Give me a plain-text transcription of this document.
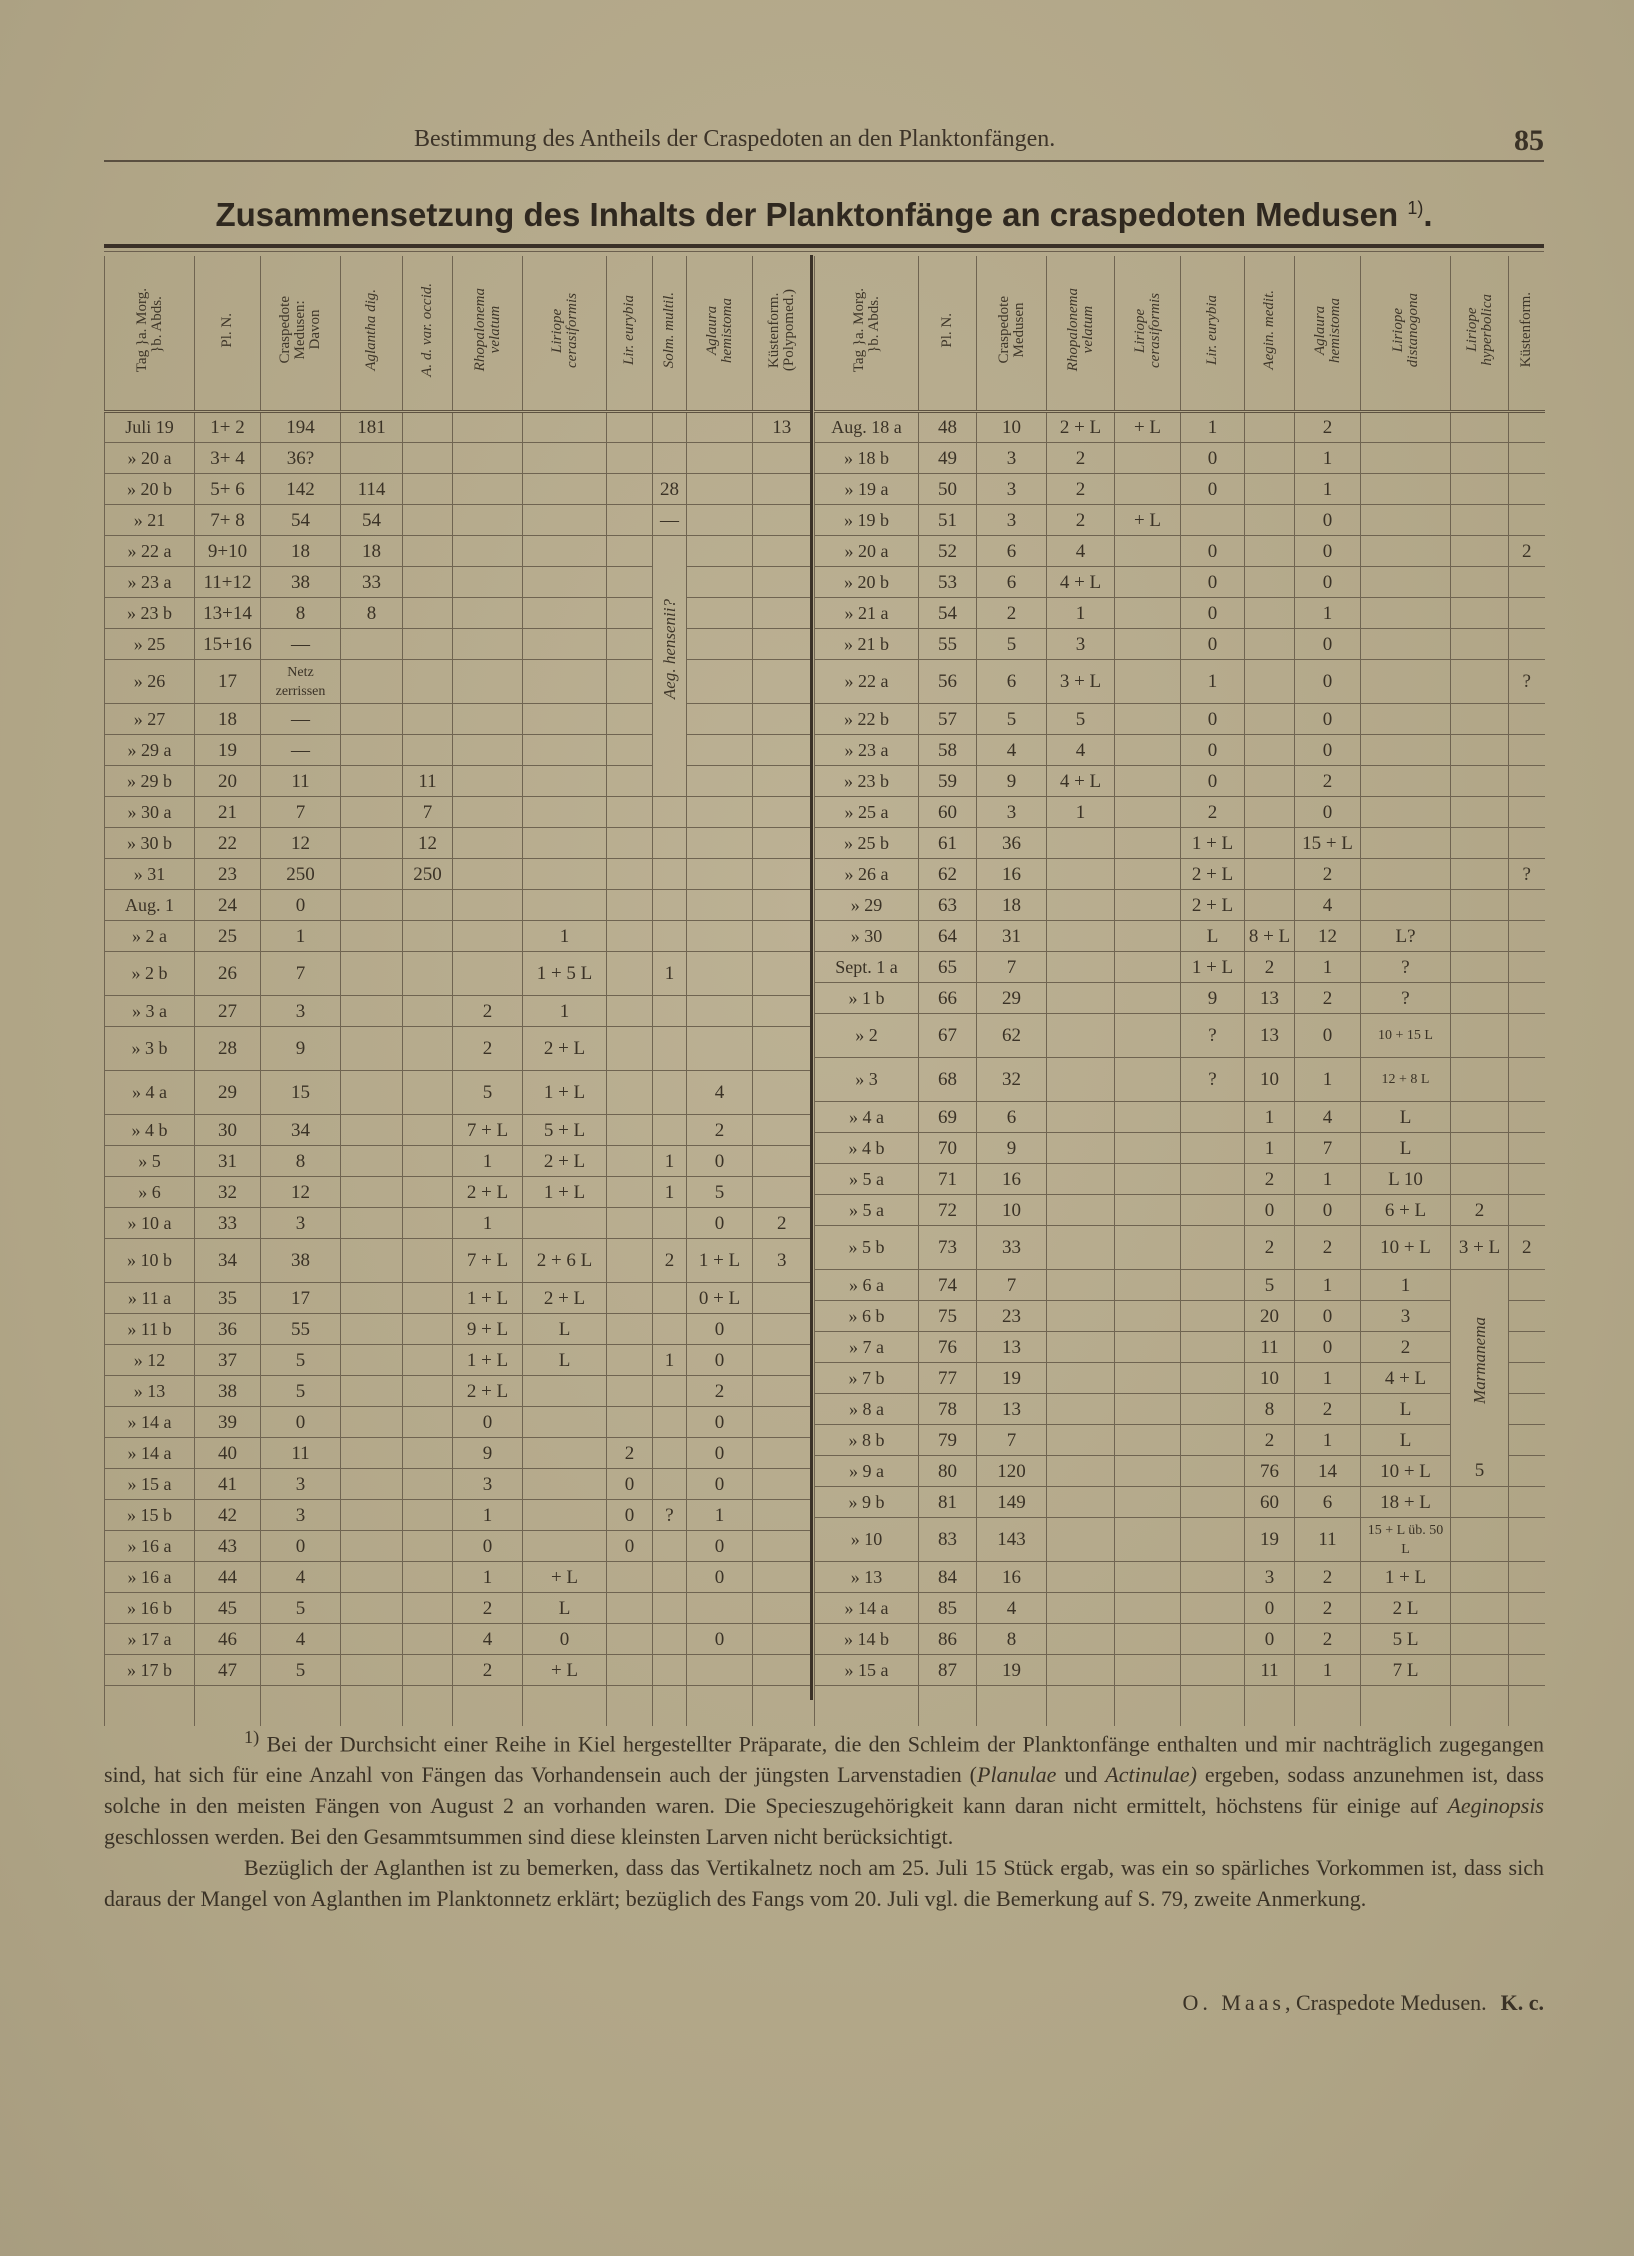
Bestimmung des Antheils der Craspedoten an den Planktonfängen.	85
Zusammensetzung des Inhalts der Planktonfänge an craspedoten Medusen $^{1)}$.
Tag }a. Morg.
}b. Abds.	Pl. N.	Craspedote
Medusen:
Davon	Aglantha dig.	A. d. var. occid.	Rhopalonema
velatum	Liriope
cerasiformis	Lir. eurybia	Solm. multil.	Aglaura
hemistoma	Küstenform.
(Polypomed.)
Juli 19	1+ 2	194	181							13
» 20 a	3+ 4	36?								
» 20 b	5+ 6	142	114					28		
» 21	7+ 8	54	54					—		
» 22 a	9+10	18	18					Aeg. hensenii?		
» 23 a	11+12	38	33							
» 23 b	13+14	8	8							
» 25	15+16	—								
» 26	17	Netz zerrissen								
» 27	18	—								
» 29 a	19	—								
» 29 b	20	11		11						
» 30 a	21	7		7						
» 30 b	22	12		12						
» 31	23	250		250						
Aug. 1	24	0								
» 2 a	25	1				1				
» 2 b	26	7				1 + 5 L		1		
» 3 a	27	3			2	1				
» 3 b	28	9			2	2 + L				
» 4 a	29	15			5	1 + L			4	
» 4 b	30	34			7 + L	5 + L			2	
» 5	31	8			1	2 + L		1	0	
» 6	32	12			2 + L	1 + L		1	5	
» 10 a	33	3			1				0	2
» 10 b	34	38			7 + L	2 + 6 L		2	1 + L	3
» 11 a	35	17			1 + L	2 + L			0 + L	
» 11 b	36	55			9 + L	L			0	
» 12	37	5			1 + L	L		1	0	
» 13	38	5			2 + L				2	
» 14 a	39	0			0				0	
» 14 a	40	11			9		2		0	
» 15 a	41	3			3		0		0	
» 15 b	42	3			1		0	?	1	
» 16 a	43	0			0		0		0	
» 16 a	44	4			1	+ L			0	
» 16 b	45	5			2	L				
» 17 a	46	4			4	0			0	
» 17 b	47	5			2	+ L				

Tag }a. Morg.
}b. Abds.	Pl. N.	Craspedote
Medusen	Rhopalonema
velatum	Liriope
cerasiformis	Lir. eurybia	Aegin. medit.	Aglaura
hemistoma	Liriope
distanogona	Liriope
hyperbolica	Küstenform.
Aug. 18 a	48	10	2 + L	+ L	1		2			
» 18 b	49	3	2		0		1			
» 19 a	50	3	2		0		1			
» 19 b	51	3	2	+ L			0			
» 20 a	52	6	4		0		0			2
» 20 b	53	6	4 + L		0		0			
» 21 a	54	2	1		0		1			
» 21 b	55	5	3		0		0			
» 22 a	56	6	3 + L		1		0			?
» 22 b	57	5	5		0		0			
» 23 a	58	4	4		0		0			
» 23 b	59	9	4 + L		0		2			
» 25 a	60	3	1		2		0			
» 25 b	61	36			1 + L		15 + L			
» 26 a	62	16			2 + L		2			?
» 29	63	18			2 + L		4			
» 30	64	31			L	8 + L	12	L?		
Sept. 1 a	65	7			1 + L	2	1	?		
» 1 b	66	29			9	13	2	?		
» 2	67	62			?	13	0	10 + 15 L		
» 3	68	32			?	10	1	12 + 8 L		
» 4 a	69	6				1	4	L		
» 4 b	70	9				1	7	L		
» 5 a	71	16				2	1	L 10		
» 5 a	72	10				0	0	6 + L	2	
» 5 b	73	33				2	2	10 + L	3 + L	2
» 6 a	74	7				5	1	1	Marmanema	
» 6 b	75	23				20	0	3		
» 7 a	76	13				11	0	2		
» 7 b	77	19				10	1	4 + L		
» 8 a	78	13				8	2	L		
» 8 b	79	7				2	1	L		
» 9 a	80	120				76	14	10 + L	5	
» 9 b	81	149				60	6	18 + L		
» 10	83	143				19	11	15 + L üb. 50 L		
» 13	84	16				3	2	1 + L		
» 14 a	85	4				0	2	2 L		
» 14 b	86	8				0	2	5 L		
» 15 a	87	19				11	1	7 L		

$^{1)}$ Bei der Durchsicht einer Reihe in Kiel hergestellter Präparate, die den Schleim der Planktonfänge enthalten und mir nachträglich zugegangen sind, hat sich für eine Anzahl von Fängen das Vorhandensein auch der jüngsten Larvenstadien (Planulae und Actinulae) ergeben, sodass anzunehmen ist, dass solche in den meisten Fängen von August 2 an vorhanden waren. Die Specieszugehörigkeit kann daran nicht ermittelt, höchstens für einige auf Aeginopsis geschlossen werden. Bei den Gesammtsummen sind diese kleinsten Larven nicht berücksichtigt.

Bezüglich der Aglanthen ist zu bemerken, dass das Vertikalnetz noch am 25. Juli 15 Stück ergab, was ein so spärliches Vorkommen ist, dass sich daraus der Mangel von Aglanthen im Planktonnetz erklärt; bezüglich des Fangs vom 20. Juli vgl. die Bemerkung auf S. 79, zweite Anmerkung.

O. Maas, Craspedote Medusen. K. c.
